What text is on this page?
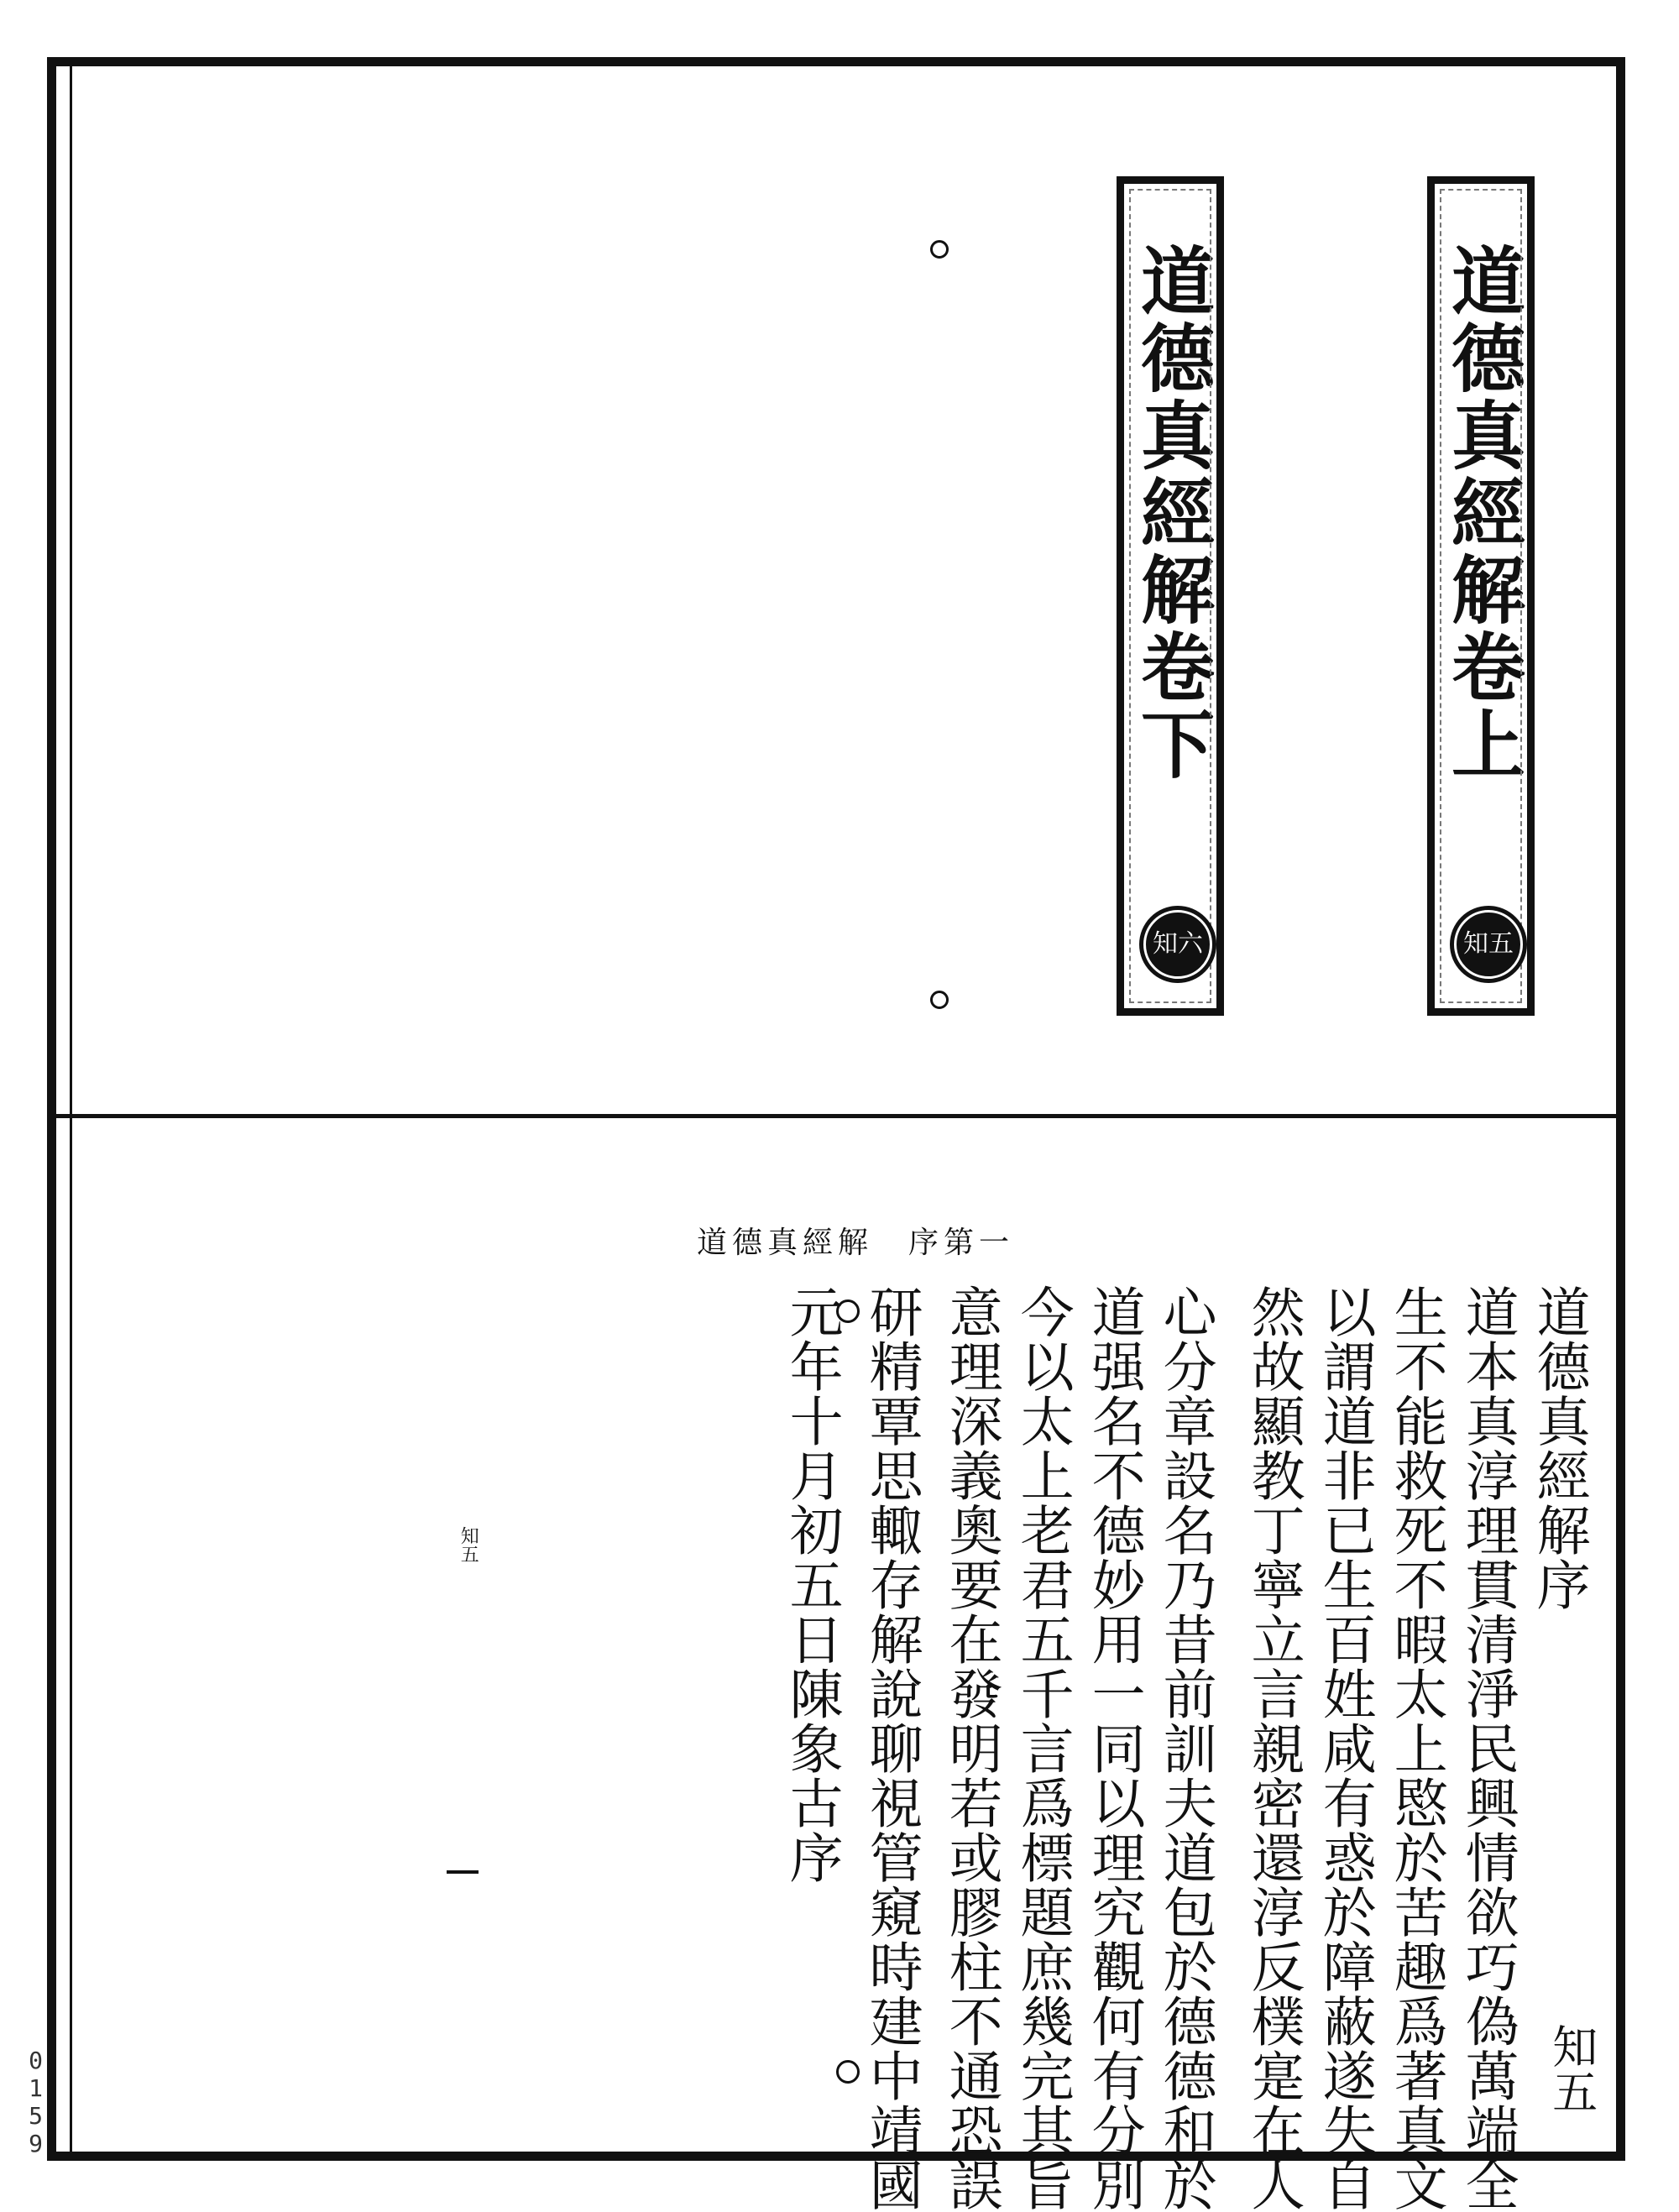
道德真經解卷上
知五
道德真經解卷下
知六
道德真經解　序第一
道德真經解序
道本真淳理貫清淨民興情欲巧偽萬端全
生不能救死不暇太上愍於苦趣爲著真文
以謂道非已生百姓咸有惑於障蔽遂失自
然故顯教丁寧立言親密還淳反樸寔在人
心分章設名乃昔前訓夫道包於德德和於
道强名不德妙用一同以理究觀何有分別
今以太上老君五千言爲標題庶幾完其旨
意理深義奧要在發明若或膠柱不通恐誤
研精覃思輙存解說聊視管窺時建中靖國
元年十月初五日陳象古序
知五
知五
0159
